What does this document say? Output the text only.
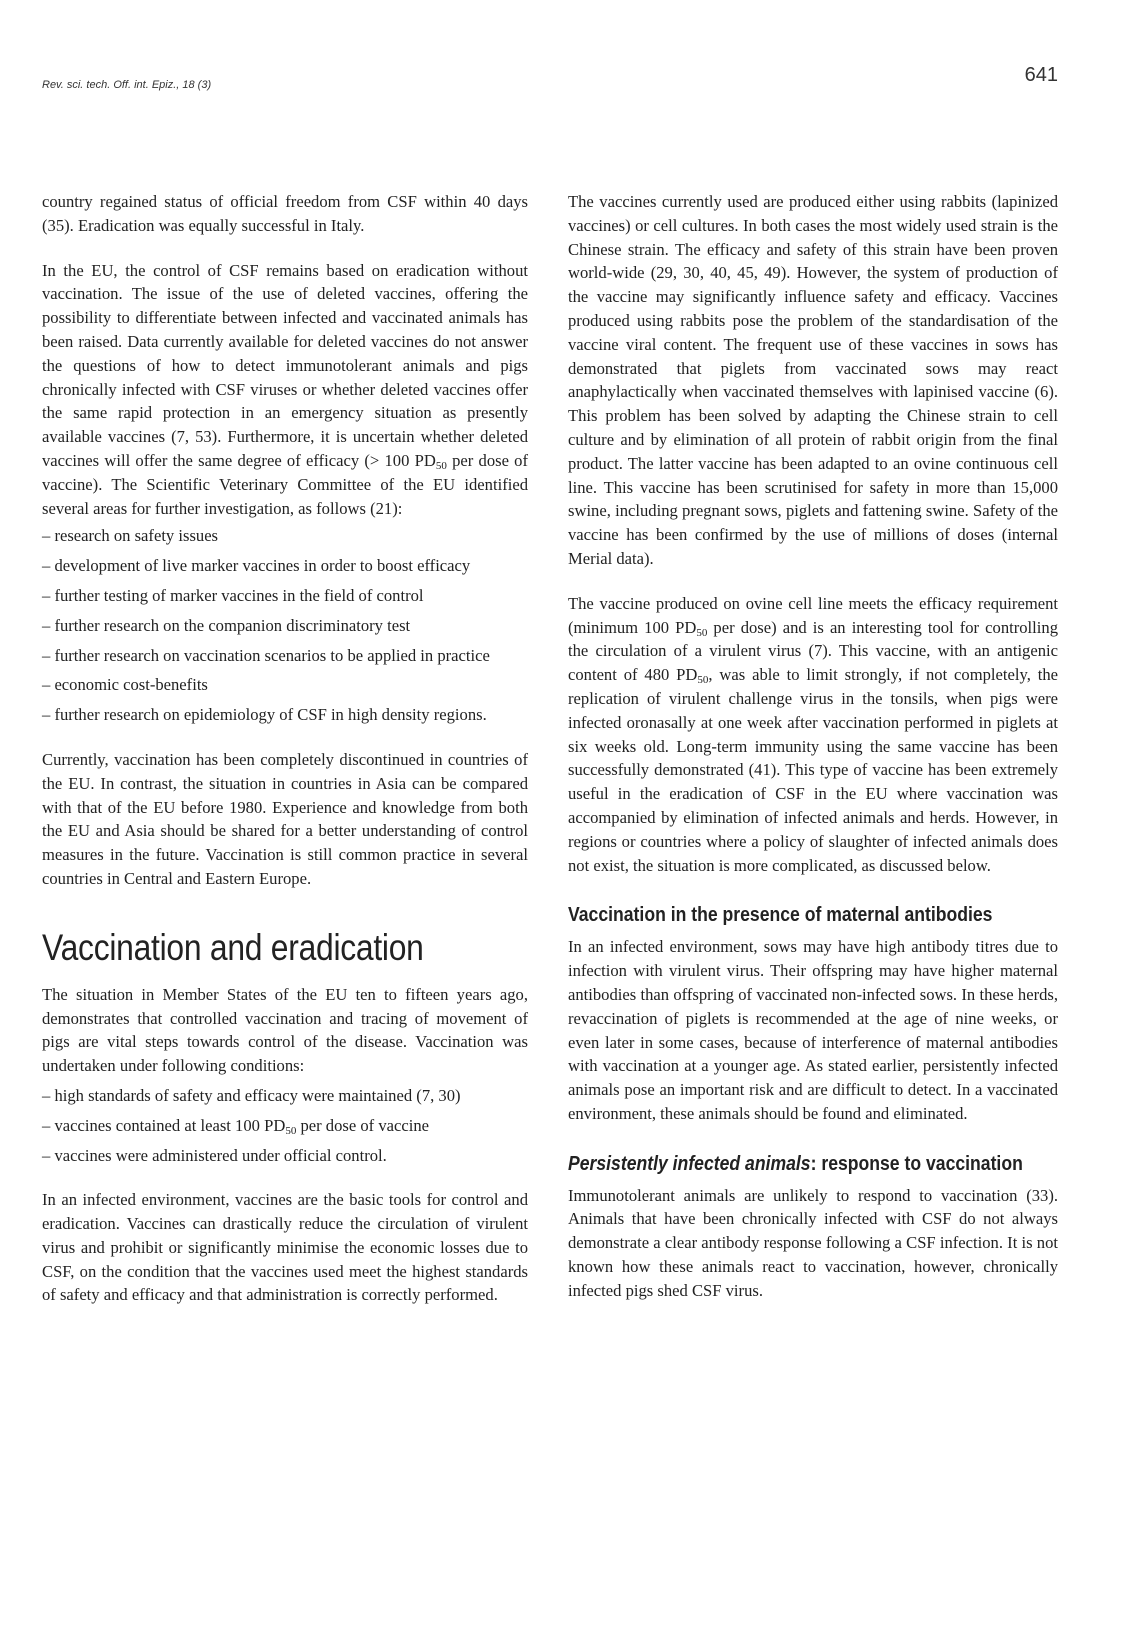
Rev. sci. tech. Off. int. Epiz., 18 (3)	641

country regained status of official freedom from CSF within 40 days (35). Eradication was equally successful in Italy.

In the EU, the control of CSF remains based on eradication without vaccination. The issue of the use of deleted vaccines, offering the possibility to differentiate between infected and vaccinated animals has been raised. Data currently available for deleted vaccines do not answer the questions of how to detect immunotolerant animals and pigs chronically infected with CSF viruses or whether deleted vaccines offer the same rapid protection in an emergency situation as presently available vaccines (7, 53). Furthermore, it is uncertain whether deleted vaccines will offer the same degree of efficacy (> 100 $PD_{50}$ per dose of vaccine). The Scientific Veterinary Committee of the EU identified several areas for further investigation, as follows (21):

– research on safety issues

– development of live marker vaccines in order to boost efficacy

– further testing of marker vaccines in the field of control

– further research on the companion discriminatory test

– further research on vaccination scenarios to be applied in practice

– economic cost-benefits

– further research on epidemiology of CSF in high density regions.

Currently, vaccination has been completely discontinued in countries of the EU. In contrast, the situation in countries in Asia can be compared with that of the EU before 1980. Experience and knowledge from both the EU and Asia should be shared for a better understanding of control measures in the future. Vaccination is still common practice in several countries in Central and Eastern Europe.

Vaccination and eradication

The situation in Member States of the EU ten to fifteen years ago, demonstrates that controlled vaccination and tracing of movement of pigs are vital steps towards control of the disease. Vaccination was undertaken under following conditions:

– high standards of safety and efficacy were maintained (7, 30)

– vaccines contained at least 100 $PD_{50}$ per dose of vaccine

– vaccines were administered under official control.

In an infected environment, vaccines are the basic tools for control and eradication. Vaccines can drastically reduce the circulation of virulent virus and prohibit or significantly minimise the economic losses due to CSF, on the condition that the vaccines used meet the highest standards of safety and efficacy and that administration is correctly performed.

The vaccines currently used are produced either using rabbits (lapinized vaccines) or cell cultures. In both cases the most widely used strain is the Chinese strain. The efficacy and safety of this strain have been proven world-wide (29, 30, 40, 45, 49). However, the system of production of the vaccine may significantly influence safety and efficacy. Vaccines produced using rabbits pose the problem of the standardisation of the vaccine viral content. The frequent use of these vaccines in sows has demonstrated that piglets from vaccinated sows may react anaphylactically when vaccinated themselves with lapinised vaccine (6). This problem has been solved by adapting the Chinese strain to cell culture and by elimination of all protein of rabbit origin from the final product. The latter vaccine has been adapted to an ovine continuous cell line. This vaccine has been scrutinised for safety in more than 15,000 swine, including pregnant sows, piglets and fattening swine. Safety of the vaccine has been confirmed by the use of millions of doses (internal Merial data).

The vaccine produced on ovine cell line meets the efficacy requirement (minimum 100 $PD_{50}$ per dose) and is an interesting tool for controlling the circulation of a virulent virus (7). This vaccine, with an antigenic content of 480 $PD_{50}$, was able to limit strongly, if not completely, the replication of virulent challenge virus in the tonsils, when pigs were infected oronasally at one week after vaccination performed in piglets at six weeks old. Long-term immunity using the same vaccine has been successfully demonstrated (41). This type of vaccine has been extremely useful in the eradication of CSF in the EU where vaccination was accompanied by elimination of infected animals and herds. However, in regions or countries where a policy of slaughter of infected animals does not exist, the situation is more complicated, as discussed below.

Vaccination in the presence of maternal antibodies

In an infected environment, sows may have high antibody titres due to infection with virulent virus. Their offspring may have higher maternal antibodies than offspring of vaccinated non-infected sows. In these herds, revaccination of piglets is recommended at the age of nine weeks, or even later in some cases, because of interference of maternal antibodies with vaccination at a younger age. As stated earlier, persistently infected animals pose an important risk and are difficult to detect. In a vaccinated environment, these animals should be found and eliminated.

Persistently infected animals: response to vaccination

Immunotolerant animals are unlikely to respond to vaccination (33). Animals that have been chronically infected with CSF do not always demonstrate a clear antibody response following a CSF infection. It is not known how these animals react to vaccination, however, chronically infected pigs shed CSF virus.
